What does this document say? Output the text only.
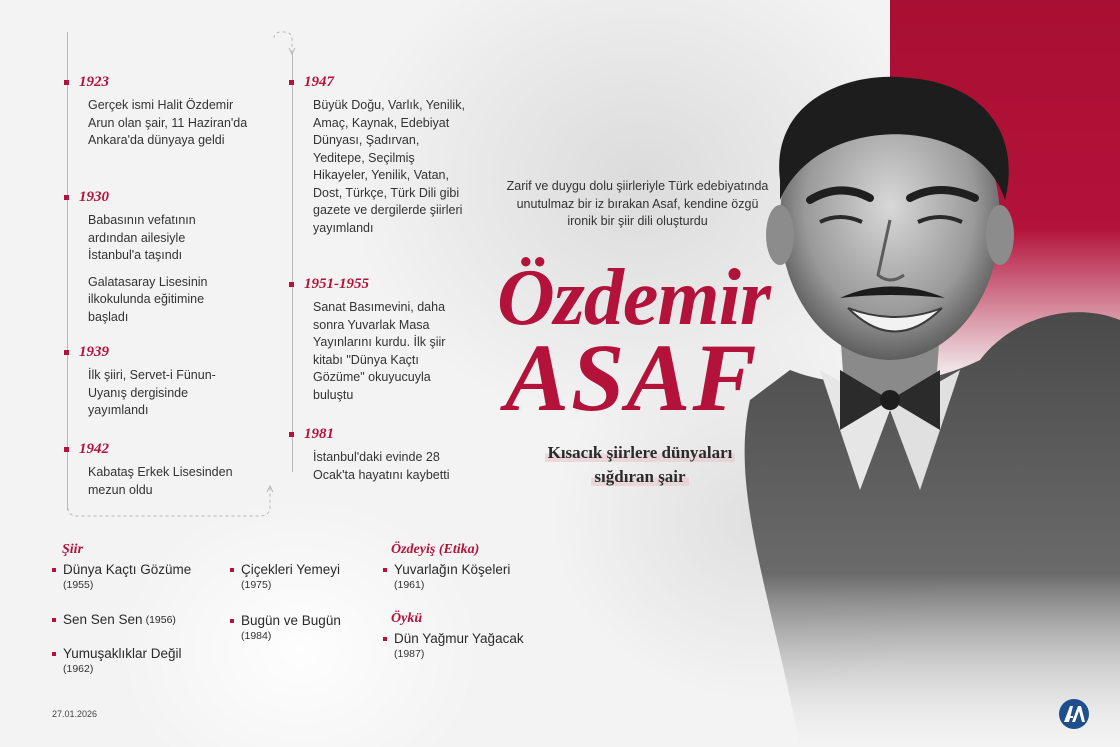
1923

Gerçek ismi Halit Özdemir Arun olan şair, 11 Haziran'da Ankara'da dünyaya geldi

1930

Babasının vefatının ardından ailesiyle İstanbul'a taşındı

Galatasaray Lisesinin ilkokulunda eğitimine başladı

1939

İlk şiiri, Servet-i Fünun-Uyanış dergisinde yayımlandı

1942

Kabataş Erkek Lisesinden mezun oldu

1947

Büyük Doğu, Varlık, Yenilik, Amaç, Kaynak, Edebiyat Dünyası, Şadırvan, Yeditepe, Seçilmiş Hikayeler, Yenilik, Vatan, Dost, Türkçe, Türk Dili gibi gazete ve dergilerde şiirleri yayımlandı

1951-1955

Sanat Basımevini, daha sonra Yuvarlak Masa Yayınlarını kurdu. İlk şiir kitabı "Dünya Kaçtı Gözüme" okuyucuyla buluştu

1981

İstanbul'daki evinde 28 Ocak'ta hayatını kaybetti

Zarif ve duygu dolu şiirleriyle Türk edebiyatında unutulmaz bir iz bırakan Asaf, kendine özgü ironik bir şiir dili oluşturdu
Özdemir
ASAF
Kısacık şiirlere dünyaları
sığdıran şair
Şiir
Dünya Kaçtı Gözüme
(1955)
Sen Sen Sen (1956)
Yumuşaklıklar Değil
(1962)
Çiçekleri Yemeyi
(1975)
Bugün ve Bugün
(1984)
Özdeyiş (Etika)
Yuvarlağın Köşeleri
(1961)
Öykü
Dün Yağmur Yağacak
(1987)
27.01.2026
